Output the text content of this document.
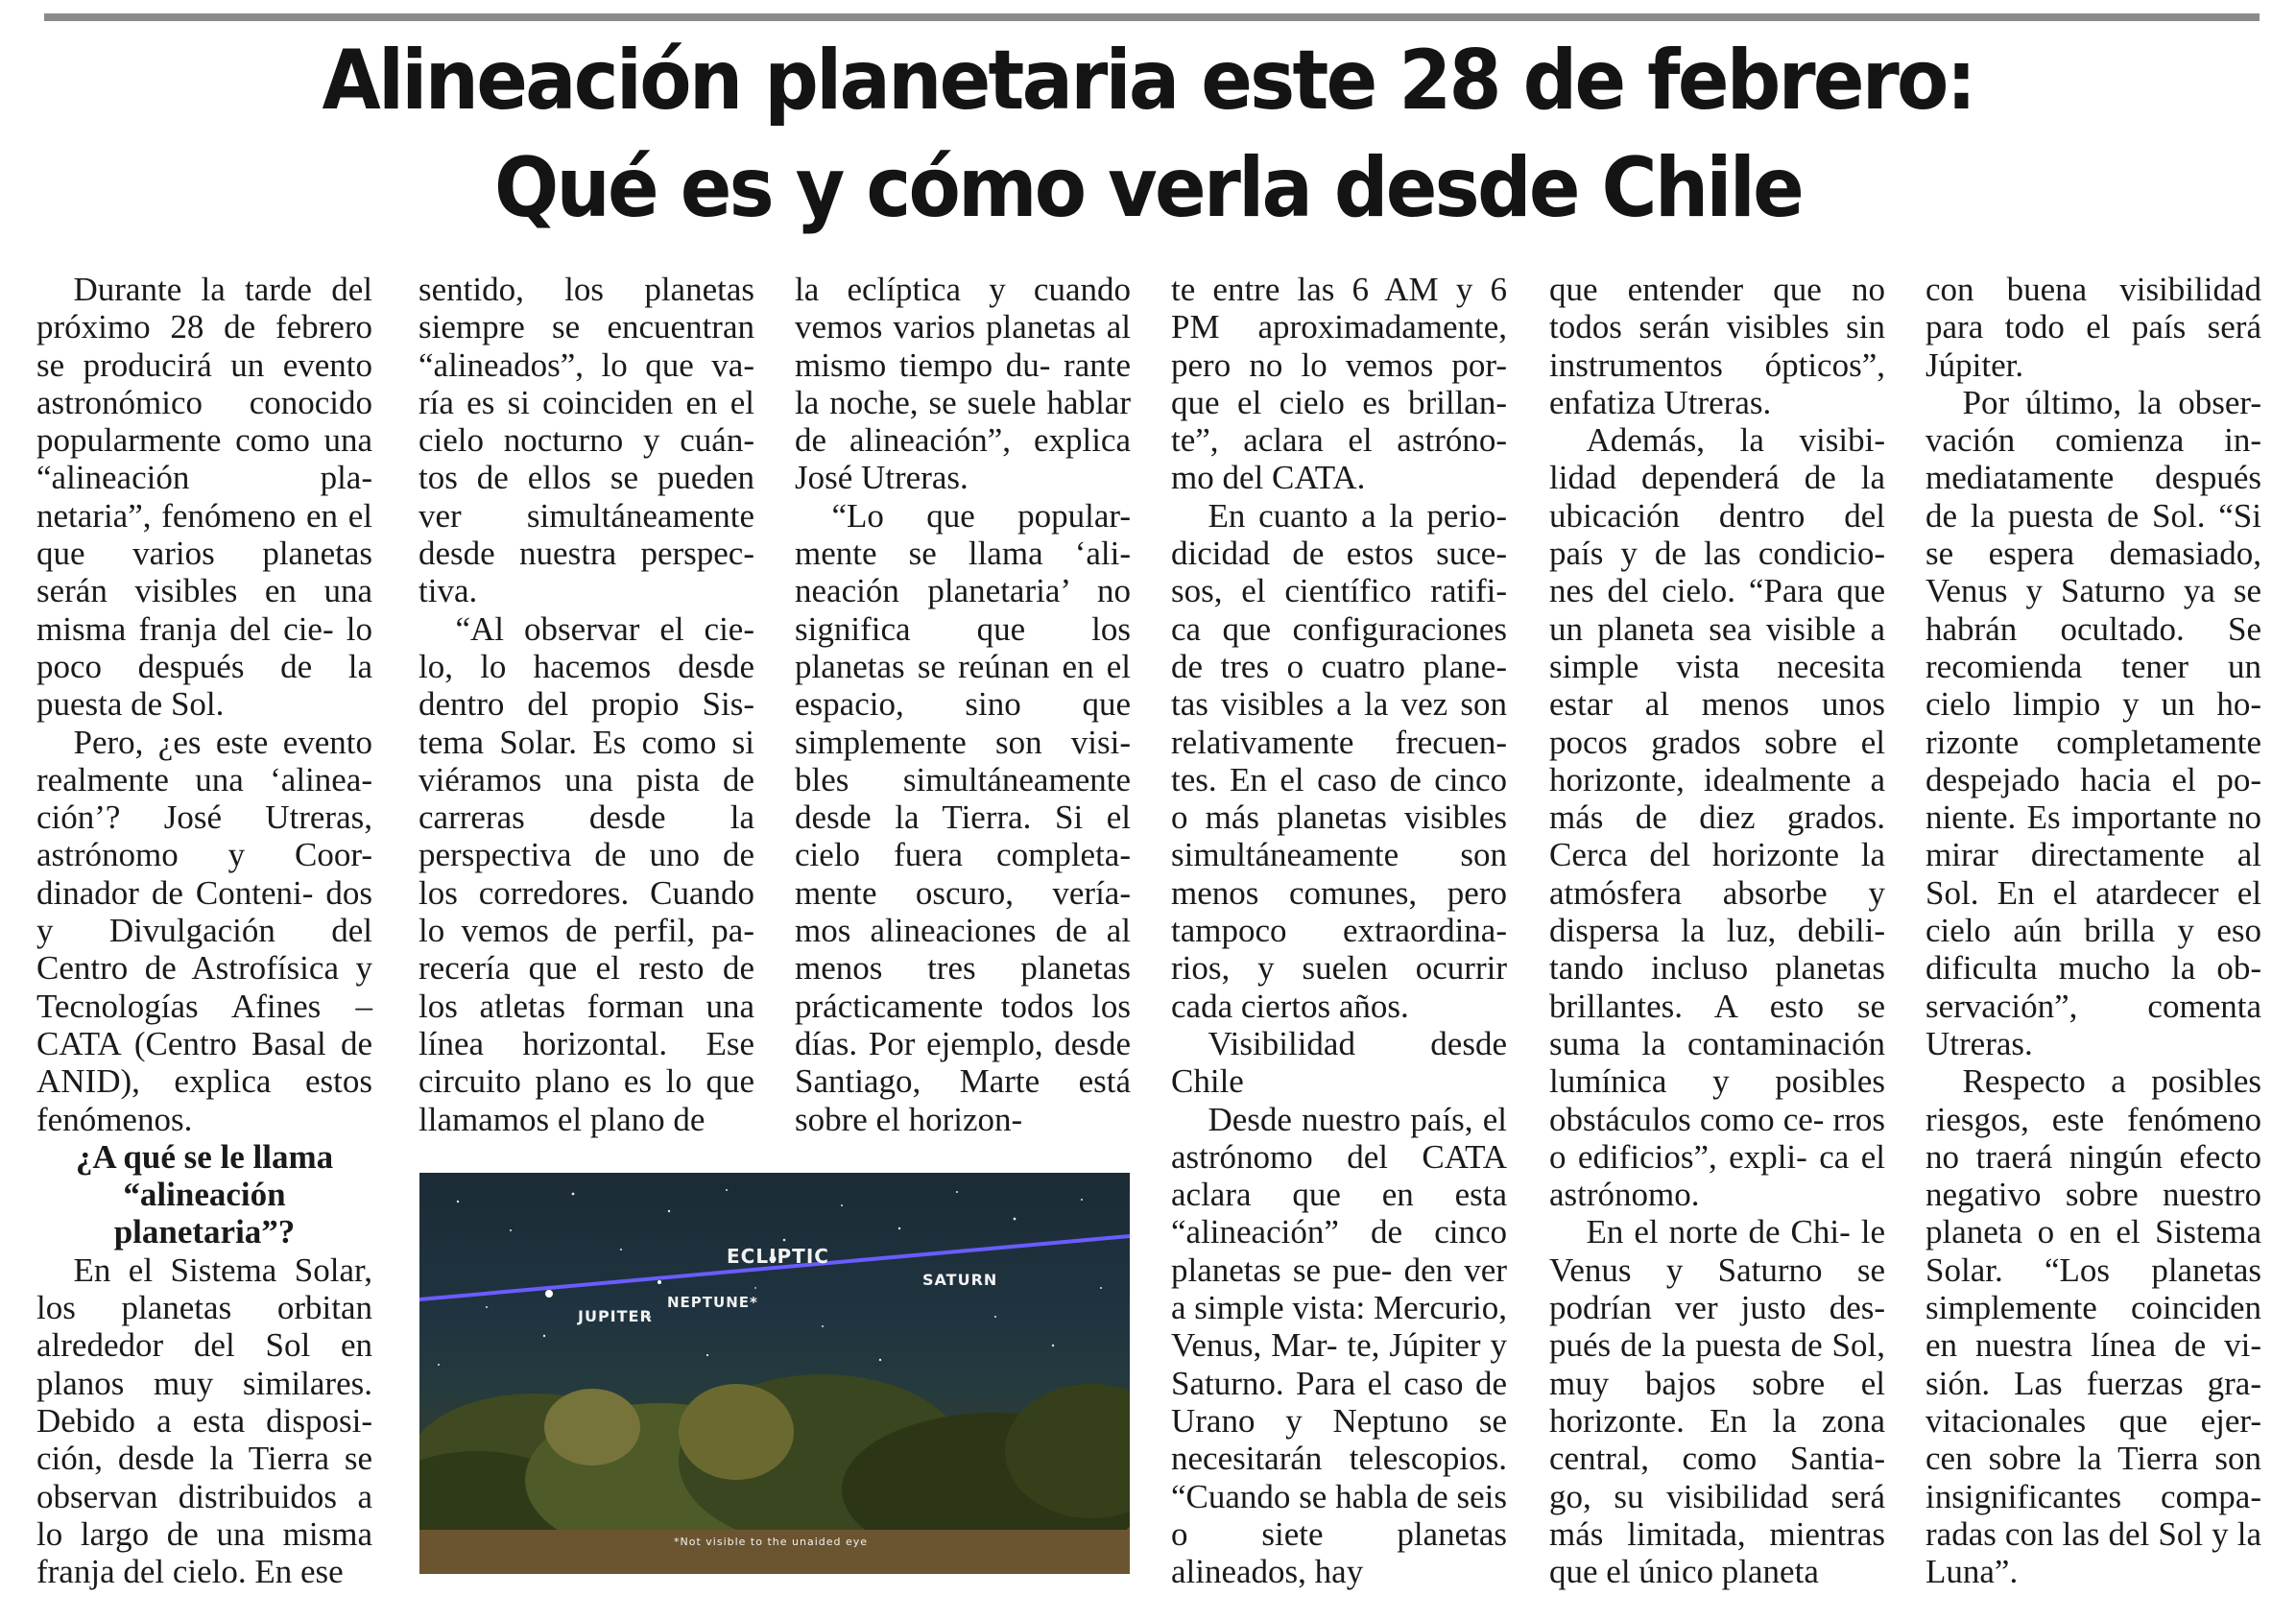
Alineación planetaria este 28 de febrero:
Qué es y cómo verla desde Chile

Durante la tarde del próximo 28 de febrero se producirá un evento astronómico conocido popularmente como una “alineación pla- netaria”, fenómeno en el que varios planetas serán visibles en una misma franja del cie- lo poco después de la puesta de Sol.

Pero, ¿es este evento realmente una ‘alinea- ción’? José Utreras, astrónomo y Coor- dinador de Conteni- dos y Divulgación del Centro de Astrofísica y Tecnologías Afines – CATA (Centro Basal de ANID), explica estos fenómenos.

¿A qué se le llama “alineación planetaria”?

En el Sistema Solar, los planetas orbitan alrededor del Sol en planos muy similares. Debido a esta disposi- ción, desde la Tierra se observan distribuidos a lo largo de una misma franja del cielo. En ese

sentido, los planetas siempre se encuentran “alineados”, lo que va- ría es si coinciden en el cielo nocturno y cuán- tos de ellos se pueden ver simultáneamente desde nuestra perspec- tiva.

“Al observar el cie- lo, lo hacemos desde dentro del propio Sis- tema Solar. Es como si viéramos una pista de carreras desde la perspectiva de uno de los corredores. Cuando lo vemos de perfil, pa- recería que el resto de los atletas forman una línea horizontal. Ese circuito plano es lo que llamamos el plano de

la eclíptica y cuando vemos varios planetas al mismo tiempo du- rante la noche, se suele hablar de alineación”, explica José Utreras.

“Lo que popular- mente se llama ‘ali- neación planetaria’ no significa que los planetas se reúnan en el espacio, sino que simplemente son visi- bles simultáneamente desde la Tierra. Si el cielo fuera completa- mente oscuro, vería- mos alineaciones de al menos tres planetas prácticamente todos los días. Por ejemplo, desde Santiago, Marte está sobre el horizon-

te entre las 6 AM y 6 PM aproximadamente, pero no lo vemos por- que el cielo es brillan- te”, aclara el astróno- mo del CATA.

En cuanto a la perio- dicidad de estos suce- sos, el científico ratifi- ca que configuraciones de tres o cuatro plane- tas visibles a la vez son relativamente frecuen- tes. En el caso de cinco o más planetas visibles simultáneamente son menos comunes, pero tampoco extraordina- rios, y suelen ocurrir cada ciertos años.

Visibilidad desde Chile

Desde nuestro país, el astrónomo del CATA aclara que en esta “alineación” de cinco planetas se pue- den ver a simple vista: Mercurio, Venus, Mar- te, Júpiter y Saturno. Para el caso de Urano y Neptuno se necesitarán telescopios. “Cuando se habla de seis o siete planetas alineados, hay

que entender que no todos serán visibles sin instrumentos ópticos”, enfatiza Utreras.

Además, la visibi- lidad dependerá de la ubicación dentro del país y de las condicio- nes del cielo. “Para que un planeta sea visible a simple vista necesita estar al menos unos pocos grados sobre el horizonte, idealmente a más de diez grados. Cerca del horizonte la atmósfera absorbe y dispersa la luz, debili- tando incluso planetas brillantes. A esto se suma la contaminación lumínica y posibles obstáculos como ce- rros o edificios”, expli- ca el astrónomo.

En el norte de Chi- le Venus y Saturno se podrían ver justo des- pués de la puesta de Sol, muy bajos sobre el horizonte. En la zona central, como Santia- go, su visibilidad será más limitada, mientras que el único planeta

con buena visibilidad para todo el país será Júpiter.

Por último, la obser- vación comienza in- mediatamente después de la puesta de Sol. “Si se espera demasiado, Venus y Saturno ya se habrán ocultado. Se recomienda tener un cielo limpio y un ho- rizonte completamente despejado hacia el po- niente. Es importante no mirar directamente al Sol. En el atardecer el cielo aún brilla y eso dificulta mucho la ob- servación”, comenta Utreras.

Respecto a posibles riesgos, este fenómeno no traerá ningún efecto negativo sobre nuestro planeta o en el Sistema Solar. “Los planetas simplemente coinciden en nuestra línea de vi- sión. Las fuerzas gra- vitacionales que ejer- cen sobre la Tierra son insignificantes compa- radas con las del Sol y la Luna”.

ECLIPTIC
JUPITER
NEPTUNE*
SATURN
*Not visible to the unaided eye
